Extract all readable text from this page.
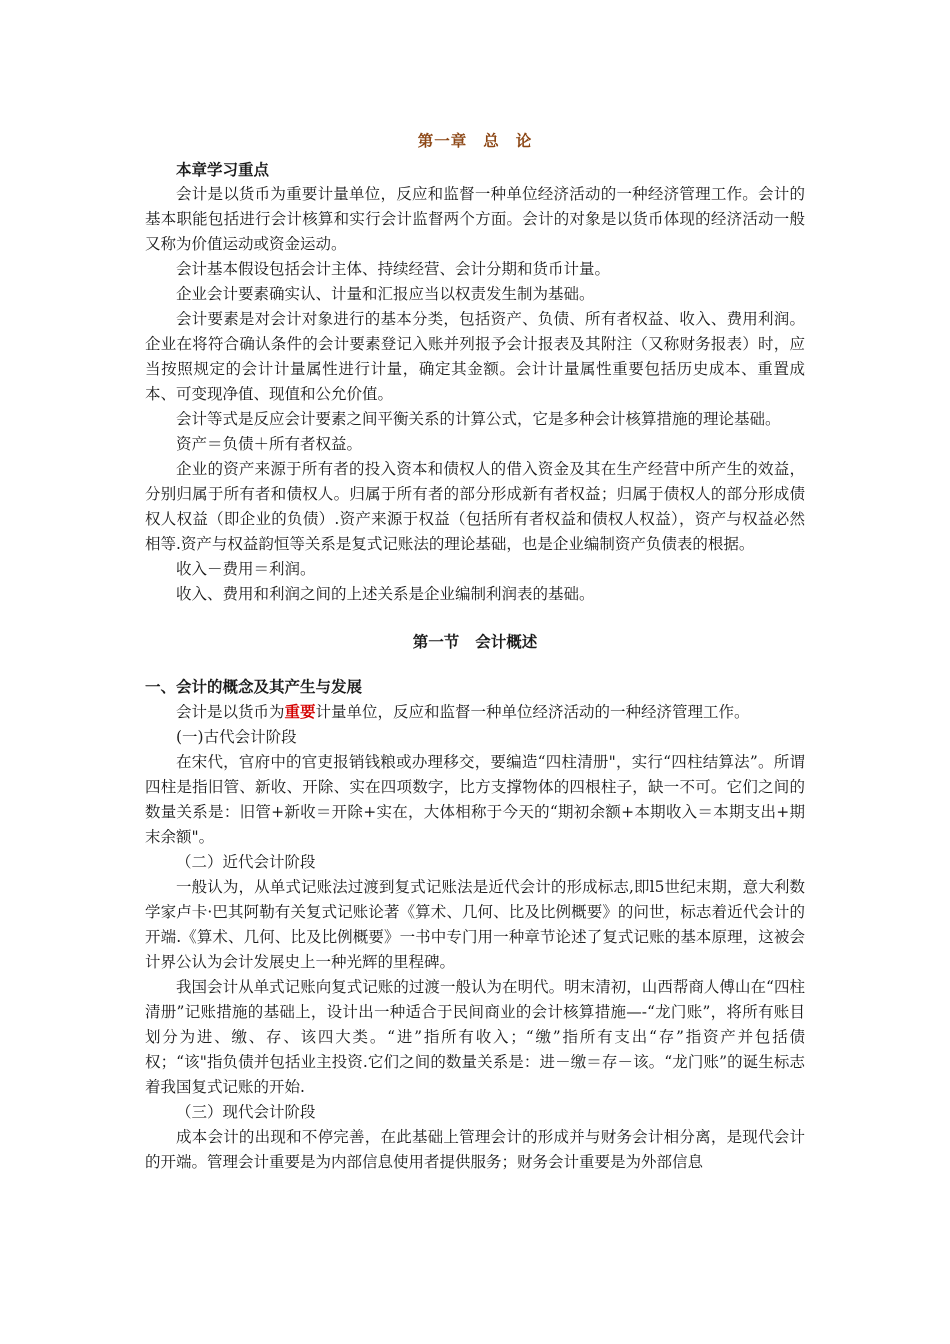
第一章 总 论

本章学习重点

会计是以货币为重要计量单位，反应和监督一种单位经济活动的一种经济管理工作。会计的基本职能包括进行会计核算和实行会计监督两个方面。会计的对象是以货币体现的经济活动一般又称为价值运动或资金运动。

会计基本假设包括会计主体、持续经营、会计分期和货币计量。

企业会计要素确实认、计量和汇报应当以权责发生制为基础。

会计要素是对会计对象进行的基本分类，包括资产、负债、所有者权益、收入、费用利润。企业在将符合确认条件的会计要素登记入账并列报予会计报表及其附注（又称财务报表）时，应当按照规定的会计计量属性进行计量，确定其金额。会计计量属性重要包括历史成本、重置成本、可变现净值、现值和公允价值。

会计等式是反应会计要素之间平衡关系的计算公式，它是多种会计核算措施的理论基础。

资产＝负债＋所有者权益。

企业的资产来源于所有者的投入资本和债权人的借入资金及其在生产经营中所产生的效益，分别归属于所有者和债权人。归属于所有者的部分形成新有者权益；归属于债权人的部分形成债权人权益（即企业的负债）.资产来源于权益（包括所有者权益和债权人权益），资产与权益必然相等.资产与权益韵恒等关系是复式记账法的理论基础，也是企业编制资产负债表的根据。

收入－费用＝利润。

收入、费用和利润之间的上述关系是企业编制利润表的基础。

第一节 会计概述

一、会计的概念及其产生与发展

会计是以货币为重要计量单位，反应和监督一种单位经济活动的一种经济管理工作。

(一)古代会计阶段

在宋代，官府中的官吏报销钱粮或办理移交，要编造“四柱清册"，实行“四柱结算法”。所谓四柱是指旧管、新收、开除、实在四项数字，比方支撑物体的四根柱子，缺一不可。它们之间的数量关系是：旧管+新收＝开除+实在，大体相称于今天的“期初余额+本期收入＝本期支出+期末余额"。

（二）近代会计阶段

一般认为，从单式记账法过渡到复式记账法是近代会计的形成标志,即l5世纪末期，意大利数学家卢卡·巴其阿勒有关复式记账论著《算术、几何、比及比例概要》的问世，标志着近代会计的开端.《算术、几何、比及比例概要》一书中专门用一种章节论述了复式记账的基本原理，这被会计界公认为会计发展史上一种光辉的里程碑。

我国会计从单式记账向复式记账的过渡一般认为在明代。明末清初，山西帮商人傅山在“四柱清册”记账措施的基础上，设计出一种适合于民间商业的会计核算措施—-“龙门账”，将所有账目划分为进、缴、存、该四大类。“进”指所有收入；“缴”指所有支出“存”指资产并包括债权；“该"指负债并包括业主投资.它们之间的数量关系是：进－缴＝存－该。“龙门账”的诞生标志着我国复式记账的开始.

（三）现代会计阶段

成本会计的出现和不停完善，在此基础上管理会计的形成并与财务会计相分离，是现代会计的开端。管理会计重要是为内部信息使用者提供服务；财务会计重要是为外部信息
